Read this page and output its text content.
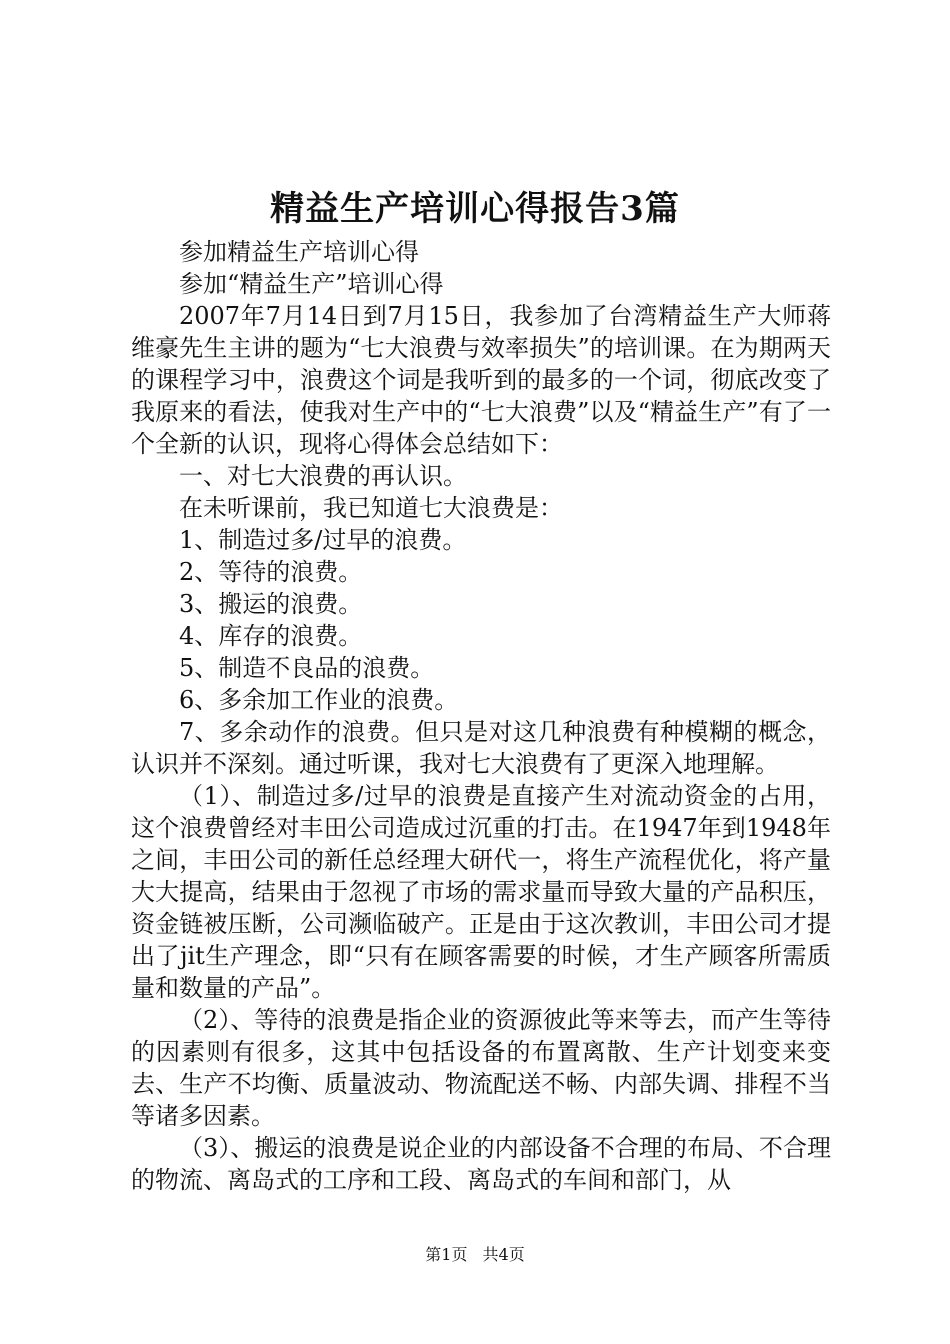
精益生产培训心得报告3篇

参加精益生产培训心得

参加“精益生产”培训心得

2007年7月14日到7月15日，我参加了台湾精益生产大师蒋维豪先生主讲的题为“七大浪费与效率损失”的培训课。在为期两天的课程学习中，浪费这个词是我听到的最多的一个词，彻底改变了我原来的看法，使我对生产中的“七大浪费”以及“精益生产”有了一个全新的认识，现将心得体会总结如下：

一、对七大浪费的再认识。

在未听课前，我已知道七大浪费是：

1、制造过多/过早的浪费。

2、等待的浪费。

3、搬运的浪费。

4、库存的浪费。

5、制造不良品的浪费。

6、多余加工作业的浪费。

7、多余动作的浪费。但只是对这几种浪费有种模糊的概念，认识并不深刻。通过听课，我对七大浪费有了更深入地理解。

（1）、制造过多/过早的浪费是直接产生对流动资金的占用，这个浪费曾经对丰田公司造成过沉重的打击。在1947年到1948年之间，丰田公司的新任总经理大研代一，将生产流程优化，将产量大大提高，结果由于忽视了市场的需求量而导致大量的产品积压，资金链被压断，公司濒临破产。正是由于这次教训，丰田公司才提出了jit生产理念，即“只有在顾客需要的时候，才生产顾客所需质量和数量的产品”。

（2）、等待的浪费是指企业的资源彼此等来等去，而产生等待的因素则有很多，这其中包括设备的布置离散、生产计划变来变去、生产不均衡、质量波动、物流配送不畅、内部失调、排程不当等诸多因素。

（3）、搬运的浪费是说企业的内部设备不合理的布局、不合理的物流、离岛式的工序和工段、离岛式的车间和部门，从

第1页 共4页
